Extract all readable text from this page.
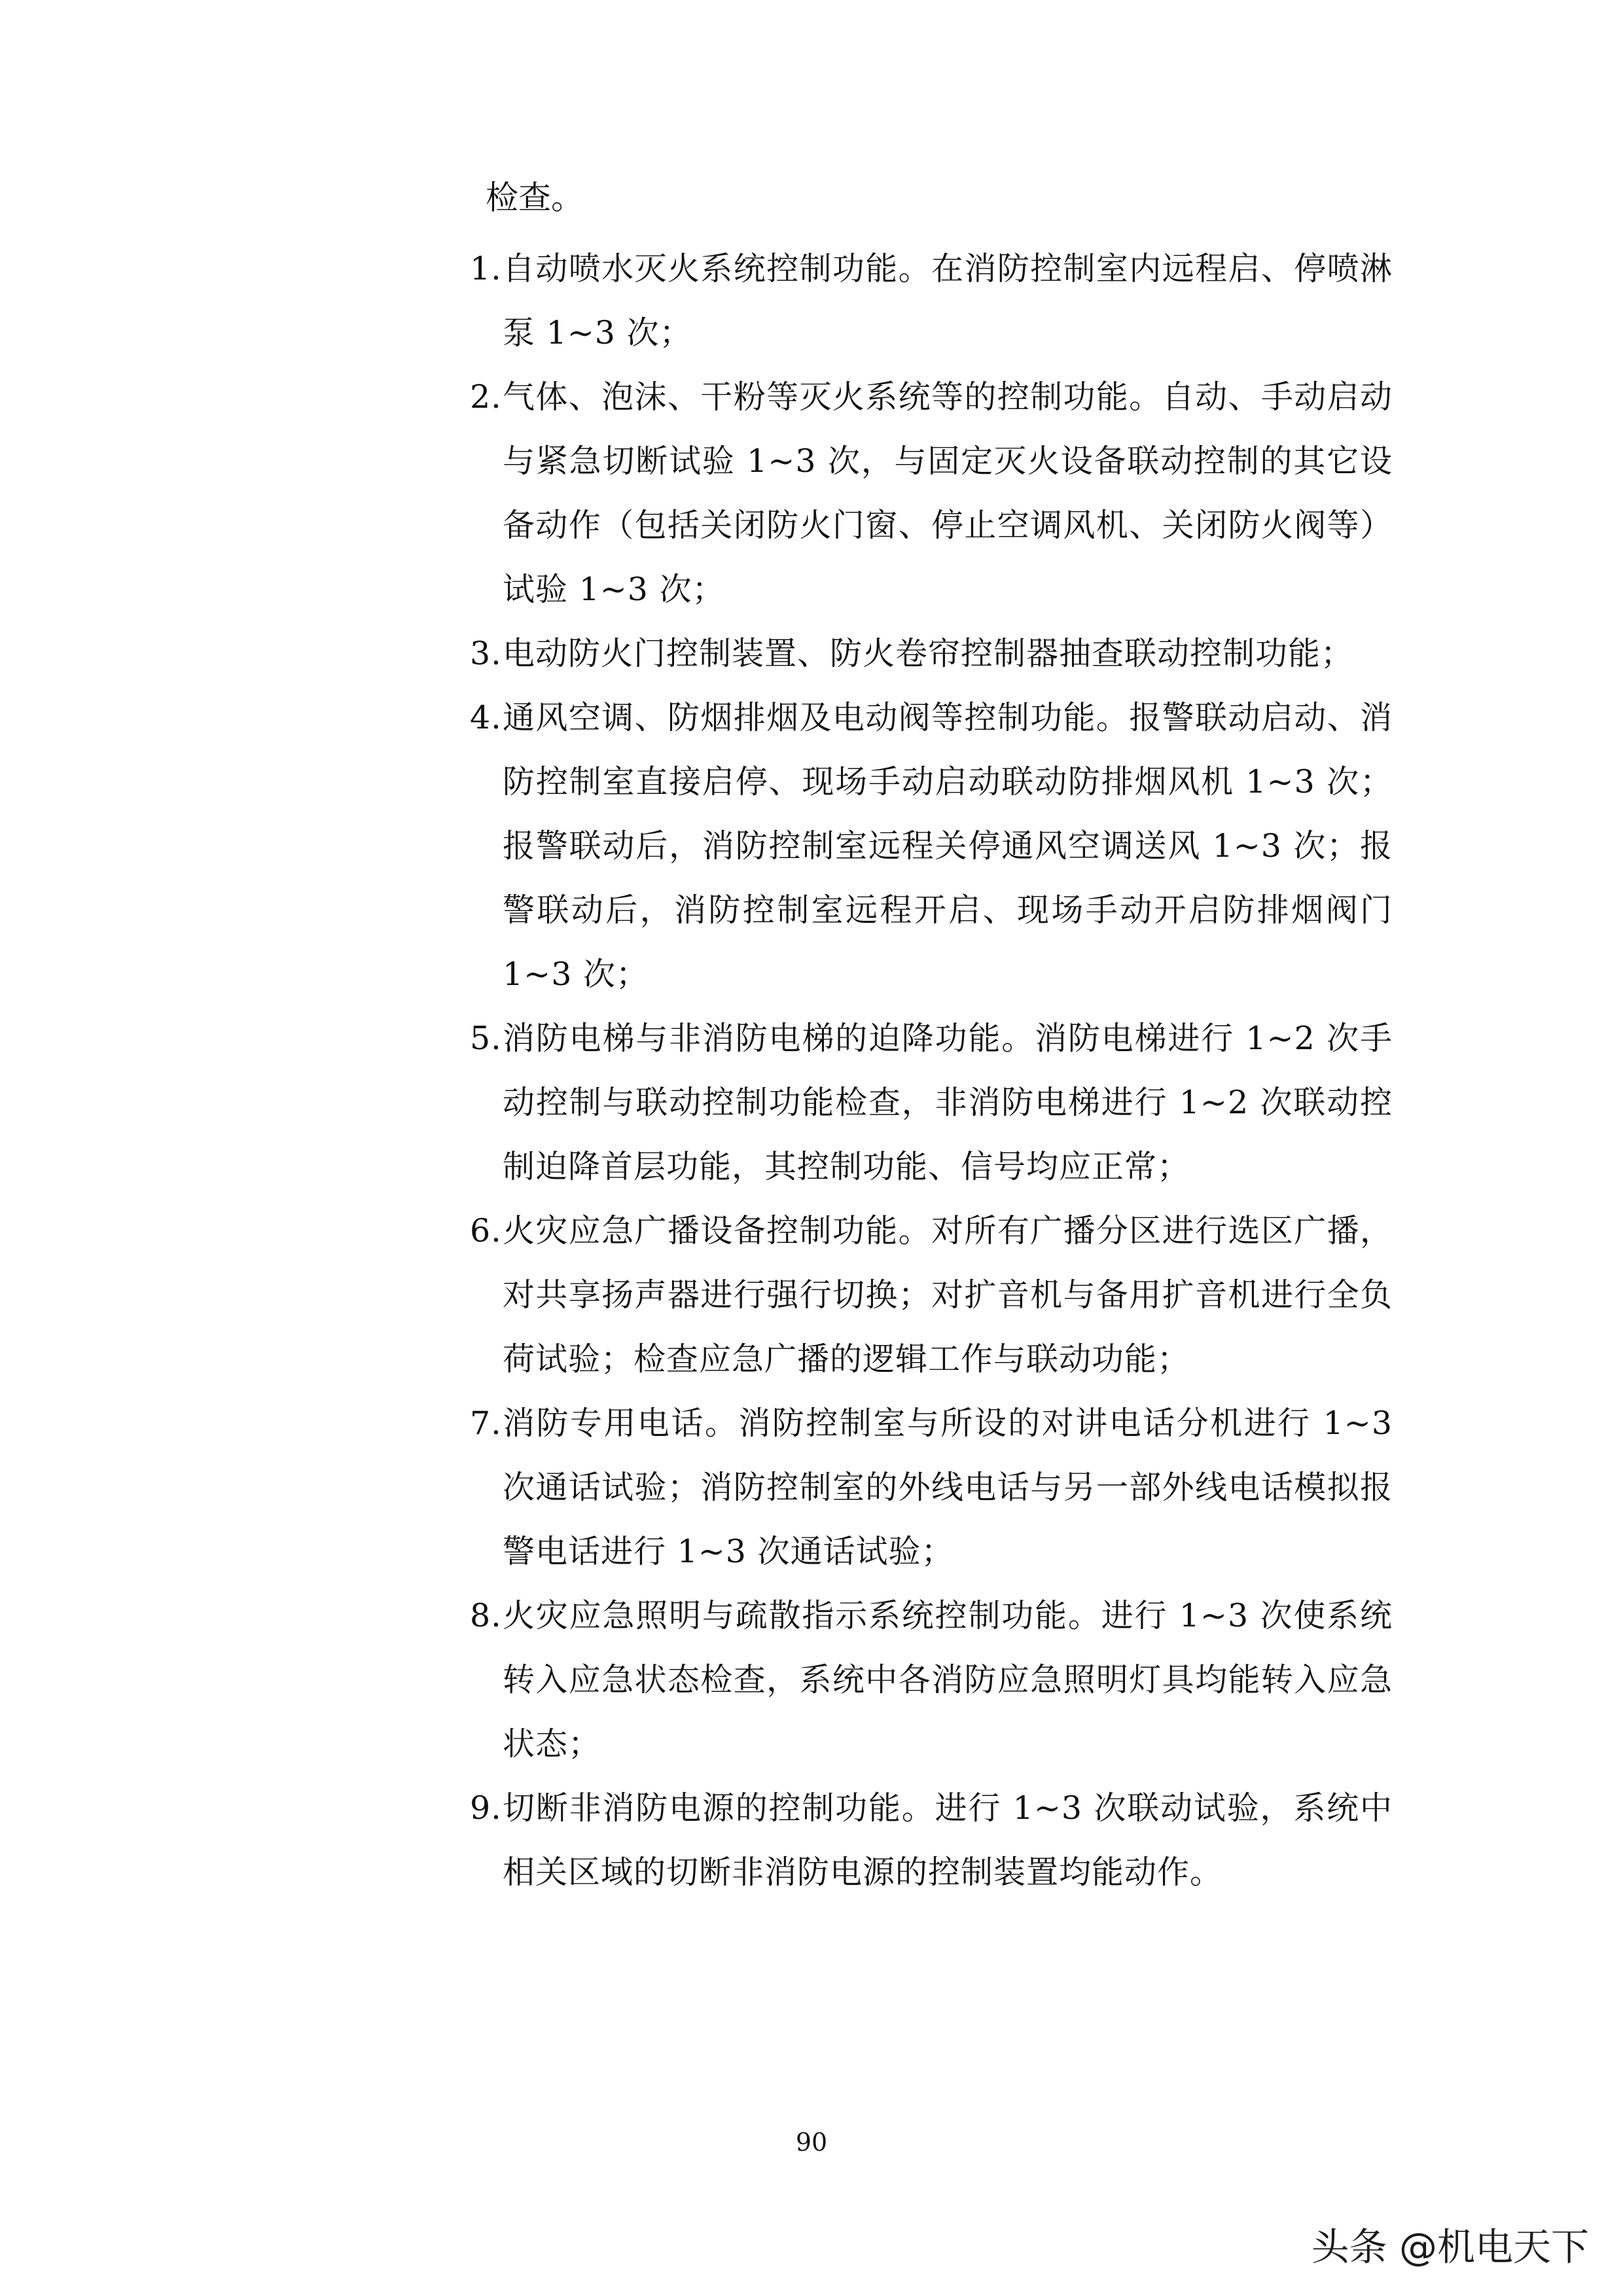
检查。
1. 自动喷水灭火系统控制功能。在消防控制室内远程启、停喷淋泵 1~3 次；
2. 气体、泡沫、干粉等灭火系统等的控制功能。自动、手动启动与紧急切断试验 1~3 次，与固定灭火设备联动控制的其它设备动作（包括关闭防火门窗、停止空调风机、关闭防火阀等）试验 1~3 次；
3. 电动防火门控制装置、防火卷帘控制器抽查联动控制功能；
4. 通风空调、防烟排烟及电动阀等控制功能。报警联动启动、消防控制室直接启停、现场手动启动联动防排烟风机 1~3 次；报警联动后，消防控制室远程关停通风空调送风 1~3 次；报警联动后，消防控制室远程开启、现场手动开启防排烟阀门 1~3 次；
5. 消防电梯与非消防电梯的迫降功能。消防电梯进行 1~2 次手动控制与联动控制功能检查，非消防电梯进行 1~2 次联动控制迫降首层功能，其控制功能、信号均应正常；
6. 火灾应急广播设备控制功能。对所有广播分区进行选区广播，对共享扬声器进行强行切换；对扩音机与备用扩音机进行全负荷试验；检查应急广播的逻辑工作与联动功能；
7. 消防专用电话。消防控制室与所设的对讲电话分机进行 1~3 次通话试验；消防控制室的外线电话与另一部外线电话模拟报警电话进行 1~3 次通话试验；
8. 火灾应急照明与疏散指示系统控制功能。进行 1~3 次使系统转入应急状态检查，系统中各消防应急照明灯具均能转入应急状态；
9. 切断非消防电源的控制功能。进行 1~3 次联动试验，系统中相关区域的切断非消防电源的控制装置均能动作。
90
头条 @机电天下
